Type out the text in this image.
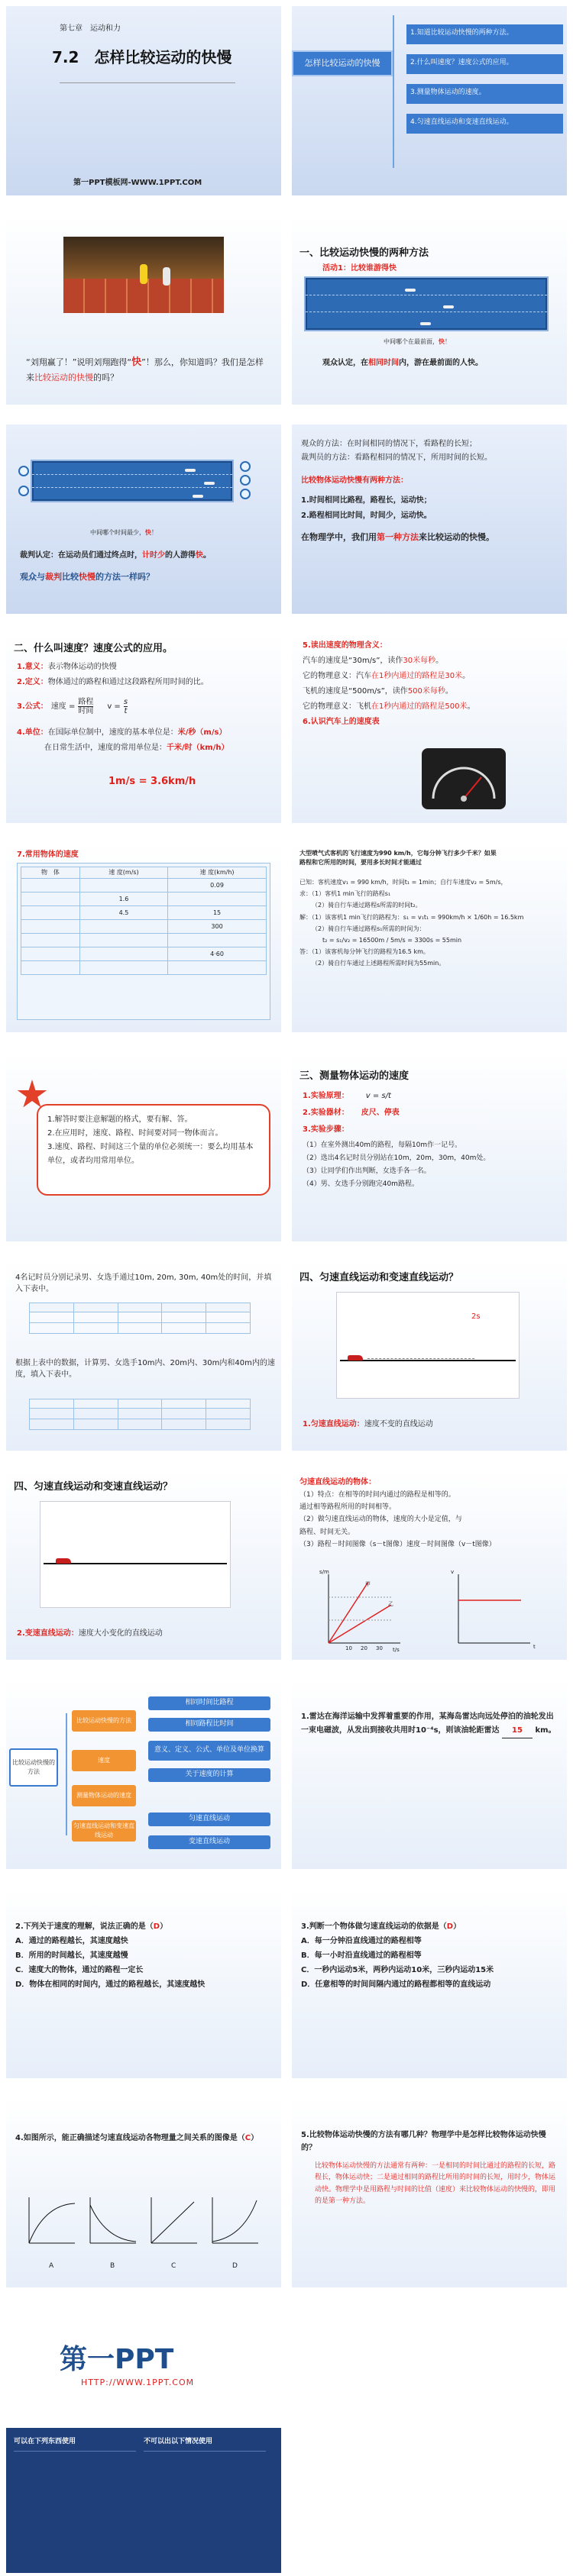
第七章　运动和力
7.2　怎样比较运动的快慢
第一PPT模板网-WWW.1PPT.COM
怎样比较运动的快慢
1.知道比较运动快慢的两种方法。
2.什么叫速度？速度公式的应用。
3.测量物体运动的速度。
4.匀速直线运动和变速直线运动。
“刘翔赢了！”说明刘翔跑得“快”！那么，你知道吗？我们是怎样来比较运动的快慢的吗？
一、比较运动快慢的两种方法
活动1：比较谁游得快
中间哪个在最前面，快！
观众认定，在相同时间内，游在最前面的人快。
中间哪个时间最少，快！
裁判认定：在运动员们通过终点时，计时少的人游得快。
观众与裁判比较快慢的方法一样吗？
观众的方法：在时间相同的情况下，看路程的长短；
裁判员的方法：看路程相同的情况下，所用时间的长短。
比较物体运动快慢有两种方法：
1.时间相同比路程，路程长，运动快；
2.路程相同比时间，时间少，运动快。
在物理学中，我们用第一种方法来比较运动的快慢。
二、什么叫速度？速度公式的应用。
1.意义：表示物体运动的快慢
2.定义：物体通过的路程和通过这段路程所用时间的比。
3.公式： 速度 =
路程
时间
$v = \frac{s}{t}$
4.单位：在国际单位制中，速度的基本单位是：米/秒（m/s）
在日常生活中，速度的常用单位是：千米/时（km/h）
1m/s = 3.6km/h
5.读出速度的物理含义：
汽车的速度是“30m/s”，读作30米每秒。
它的物理意义：汽车在1秒内通过的路程是30米。
飞机的速度是“500m/s”，读作500米每秒。
它的物理意义：飞机在1秒内通过的路程是500米。
6.认识汽车上的速度表
7.常用物体的速度
物　体	速 度(m/s)	速 度(km/h)
		0.09
	1.6	
	4.5	15
		300

		4·60

大型喷气式客机的飞行速度为990 km/h，它每分钟飞行多少千米？如果
路程和它所用的时间，要用多长时间才能通过
已知：客机速度v₁ = 990 km/h，时间t₁ = 1min；自行车速度v₂ = 5m/s，
求：（1）客机1 min飞行的路程s₁
（2）骑自行车通过路程s所需的时间t₂。
解：（1）该客机1 min飞行的路程为：s₁ = v₁t₁ = 990km/h × 1/60h = 16.5km
（2）骑自行车通过路程s₁所需的时间为：
t₂ = s₁/v₂ = 16500m / 5m/s = 3300s = 55min
答：（1）该客机每分钟飞行的路程为16.5 km。
（2）骑自行车通过上述路程所需时间为55min。
1.解答时要注意解题的格式，要有解、答。
2.在应用时，速度、路程、时间要对同一物体而言。
3.速度、路程、时间这三个量的单位必须统一：要么均用基本单位，或者均用常用单位。
三、测量物体运动的速度
1.实验原理： v = s/t
2.实验器材： 皮尺、停表
3.实验步骤：
（1）在室外测出40m的路程，每隔10m作一记号。
（2）选出4名记时员分别站在10m，20m，30m，40m处。
（3）让同学们作出判断，女选手各一名。
（4）男、女选手分别跑完40m路程。
4名记时员分别记录男、女选手通过10m, 20m, 30m, 40m处的时间，并填入下表中。

根据上表中的数据，计算男、女选手10m内、20m内、30m内和40m内的速度，填入下表中。

四、匀速直线运动和变速直线运动？
2s
1.匀速直线运动：速度不变的直线运动
四、匀速直线运动和变速直线运动？
2.变速直线运动：速度大小变化的直线运动
匀速直线运动的物体：
（1）特点：在相等的时间内通过的路程是相等的。
通过相等路程所用的时间相等。
（2）做匀速直线运动的物体，速度的大小是定值，与
路程、时间无关。
（3）路程－时间图像（s－t图像）速度－时间图像（v－t图像）
s/m
t/s
10 20 30
甲
乙
v
t
比较运动快慢的方法
比较运动快慢的方法
速度
测量物体运动的速度
匀速直线运动和变速直线运动
相同时间比路程
相同路程比时间
意义、定义、公式、单位及单位换算
关于速度的计算
匀速直线运动
变速直线运动
1.雷达在海洋运输中发挥着重要的作用，某海岛雷达向远处停泊的油轮发出一束电磁波，从发出到接收共用时10⁻⁴s，则该油轮距雷达 15 km。
2.下列关于速度的理解，说法正确的是（D）
A．通过的路程越长，其速度越快
B．所用的时间越长，其速度越慢
C．速度大的物体，通过的路程一定长
D．物体在相同的时间内，通过的路程越长，其速度越快
3.判断一个物体做匀速直线运动的依据是（D）
A．每一分钟沿直线通过的路程相等
B．每一小时沿直线通过的路程相等
C．一秒内运动5米，两秒内运动10米，三秒内运动15米
D．任意相等的时间间隔内通过的路程都相等的直线运动
4.如图所示，能正确描述匀速直线运动各物理量之间关系的图像是（C）
A	B	C	D
5.比较物体运动快慢的方法有哪几种？物理学中是怎样比较物体运动快慢的？
比较物体运动快慢的方法通常有两种：一是相同的时间比通过的路程的长短，路程长，物体运动快；二是通过相同的路程比所用的时间的长短，用时少，物体运动快。物理学中是用路程与时间的比值（速度）来比较物体运动的快慢的，即用的是第一种方法。
第一PPT
HTTP://WWW.1PPT.COM
可以在下列东西使用	不可以出以下情况使用
